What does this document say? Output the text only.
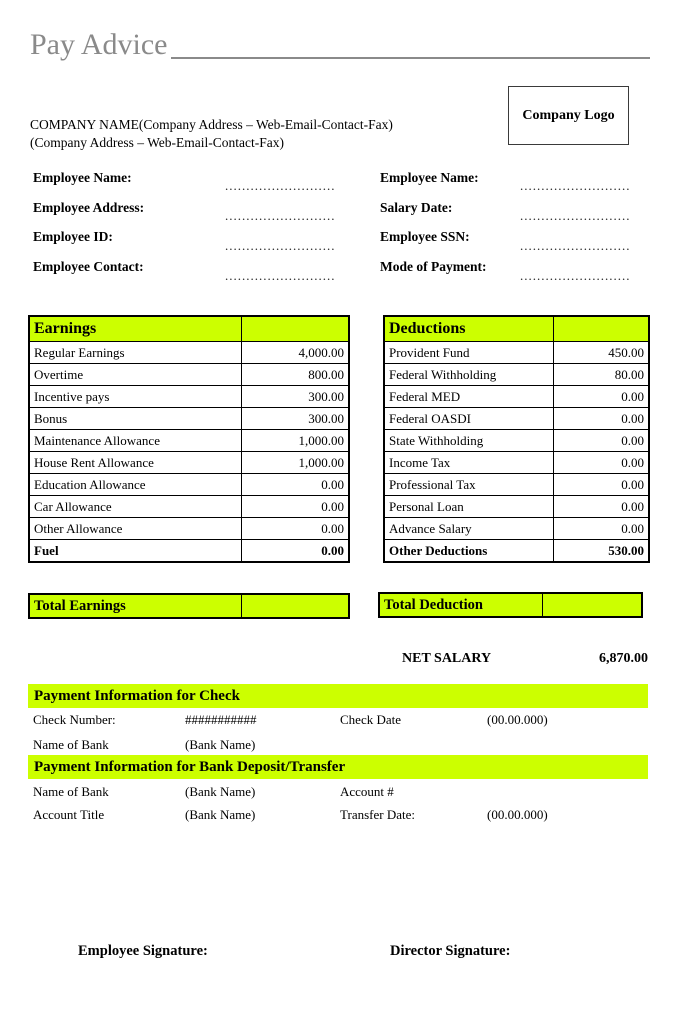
Pay Advice
Company Logo
COMPANY NAME(Company Address – Web-Email-Contact-Fax)
(Company Address – Web-Email-Contact-Fax)
Employee Name:
..........................
Employee Address:
..........................
Employee ID:
..........................
Employee Contact:
..........................
Employee Name:
..........................
Salary Date:
..........................
Employee SSN:
..........................
Mode of Payment:
..........................
Earnings	
Regular Earnings	4,000.00
Overtime	800.00
Incentive pays	300.00
Bonus	300.00
Maintenance Allowance	1,000.00
House Rent Allowance	1,000.00
Education Allowance	0.00
Car Allowance	0.00
Other Allowance	0.00
Fuel	0.00
Deductions	
Provident Fund	450.00
Federal Withholding	80.00
Federal MED	0.00
Federal OASDI	0.00
State Withholding	0.00
Income Tax	0.00
Professional Tax	0.00
Personal Loan	0.00
Advance Salary	0.00
Other Deductions	530.00
Total Earnings		Total Deduction	
NET SALARY	6,870.00
Payment Information for Check
Check Number:	###########	Check Date	(00.00.000)
Name of Bank	(Bank Name)
Payment Information for Bank Deposit/Transfer
Name of Bank	(Bank Name)	Account #
Account Title	(Bank Name)	Transfer Date:	(00.00.000)
Employee Signature:	Director Signature:
